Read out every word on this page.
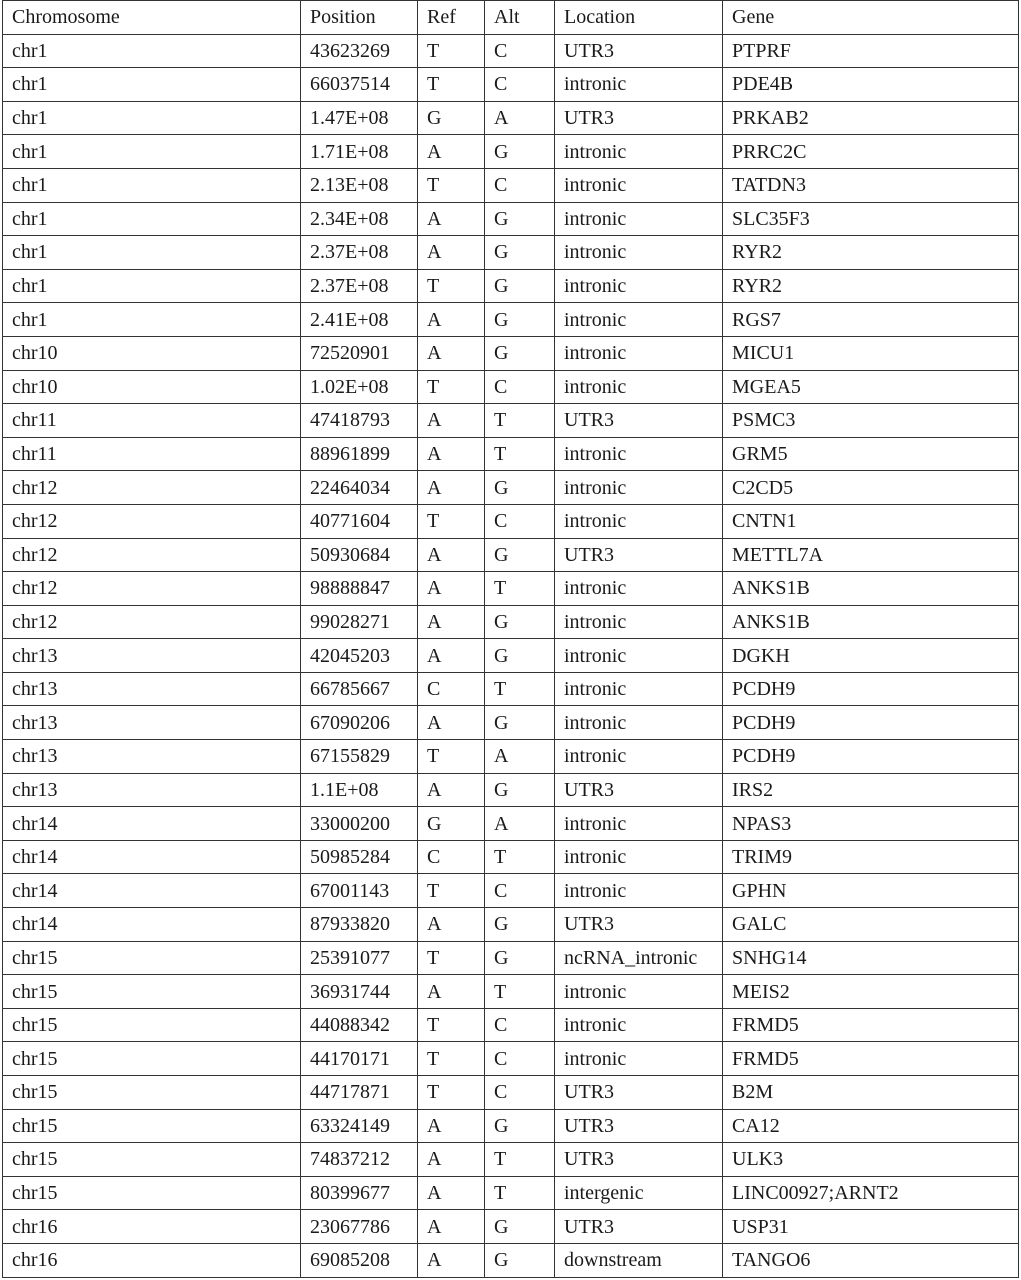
Chromosome	Position	Ref	Alt	Location	Gene
chr1	43623269	T	C	UTR3	PTPRF
chr1	66037514	T	C	intronic	PDE4B
chr1	1.47E+08	G	A	UTR3	PRKAB2
chr1	1.71E+08	A	G	intronic	PRRC2C
chr1	2.13E+08	T	C	intronic	TATDN3
chr1	2.34E+08	A	G	intronic	SLC35F3
chr1	2.37E+08	A	G	intronic	RYR2
chr1	2.37E+08	T	G	intronic	RYR2
chr1	2.41E+08	A	G	intronic	RGS7
chr10	72520901	A	G	intronic	MICU1
chr10	1.02E+08	T	C	intronic	MGEA5
chr11	47418793	A	T	UTR3	PSMC3
chr11	88961899	A	T	intronic	GRM5
chr12	22464034	A	G	intronic	C2CD5
chr12	40771604	T	C	intronic	CNTN1
chr12	50930684	A	G	UTR3	METTL7A
chr12	98888847	A	T	intronic	ANKS1B
chr12	99028271	A	G	intronic	ANKS1B
chr13	42045203	A	G	intronic	DGKH
chr13	66785667	C	T	intronic	PCDH9
chr13	67090206	A	G	intronic	PCDH9
chr13	67155829	T	A	intronic	PCDH9
chr13	1.1E+08	A	G	UTR3	IRS2
chr14	33000200	G	A	intronic	NPAS3
chr14	50985284	C	T	intronic	TRIM9
chr14	67001143	T	C	intronic	GPHN
chr14	87933820	A	G	UTR3	GALC
chr15	25391077	T	G	ncRNA_intronic	SNHG14
chr15	36931744	A	T	intronic	MEIS2
chr15	44088342	T	C	intronic	FRMD5
chr15	44170171	T	C	intronic	FRMD5
chr15	44717871	T	C	UTR3	B2M
chr15	63324149	A	G	UTR3	CA12
chr15	74837212	A	T	UTR3	ULK3
chr15	80399677	A	T	intergenic	LINC00927;ARNT2
chr16	23067786	A	G	UTR3	USP31
chr16	69085208	A	G	downstream	TANGO6
